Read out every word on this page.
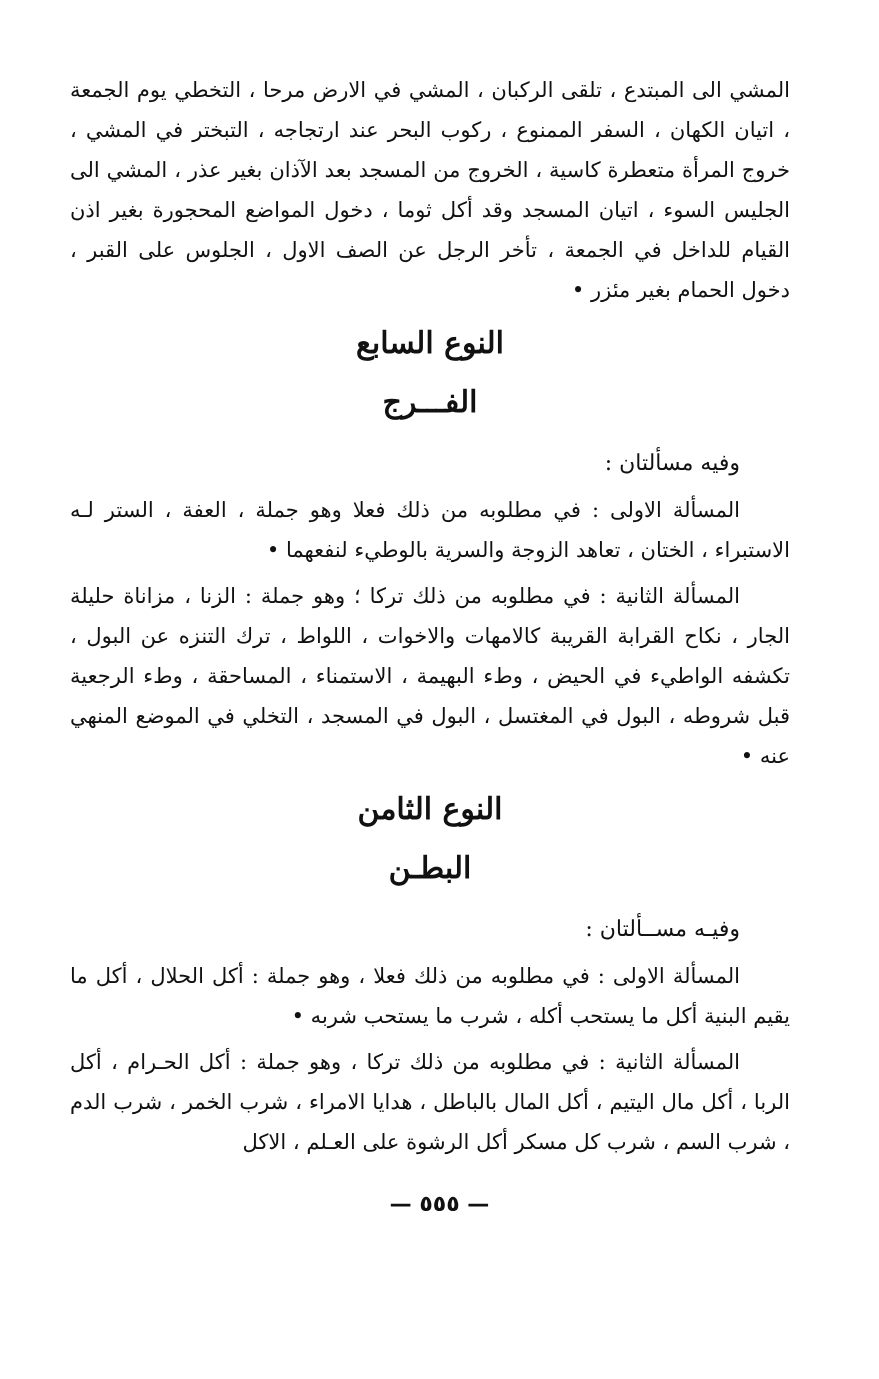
المشي الى المبتدع ، تلقى الركبان ، المشي في الارض مرحا ، التخطي يوم الجمعة ، اتيان الكهان ، السفر الممنوع ، ركوب البحر عند ارتجاجه ، التبختر في المشي ، خروج المرأة متعطرة كاسية ، الخروج من المسجد بعد الآذان بغير عذر ، المشي الى الجليس السوء ، اتيان المسجد وقد أكل ثوما ، دخول المواضع المحجورة بغير اذن القيام للداخل في الجمعة ، تأخر الرجل عن الصف الاول ، الجلوس على القبر ، دخول الحمام بغير مئزر •

النوع السابع
الفـــرج

وفيه مسألتان :

المسألة الاولى : في مطلوبه من ذلك فعلا وهو جملة ، العفة ، الستر لـه الاستبراء ، الختان ، تعاهد الزوجة والسرية بالوطيء لنفعهما •

المسألة الثانية : في مطلوبه من ذلك تركا ؛ وهو جملة : الزنا ، مزاناة حليلة الجار ، نكاح القرابة القريبة كالامهات والاخوات ، اللواط ، ترك التنزه عن البول ، تكشفه الواطيء في الحيض ، وطء البهيمة ، الاستمناء ، المساحقة ، وطء الرجعية قبل شروطه ، البول في المغتسل ، البول في المسجد ، التخلي في الموضع المنهي عنه •

النوع الثامن
البطـن

وفيـه مســألتان :

المسألة الاولى : في مطلوبه من ذلك فعلا ، وهو جملة : أكل الحلال ، أكل ما يقيم البنية أكل ما يستحب أكله ، شرب ما يستحب شربه •

المسألة الثانية : في مطلوبه من ذلك تركا ، وهو جملة : أكل الحـرام ، أكل الربا ، أكل مال اليتيم ، أكل المال بالباطل ، هدايا الامراء ، شرب الخمر ، شرب الدم ، شرب السم ، شرب كل مسكر أكل الرشوة على العـلم ، الاكل

— ٥٥٥ —
